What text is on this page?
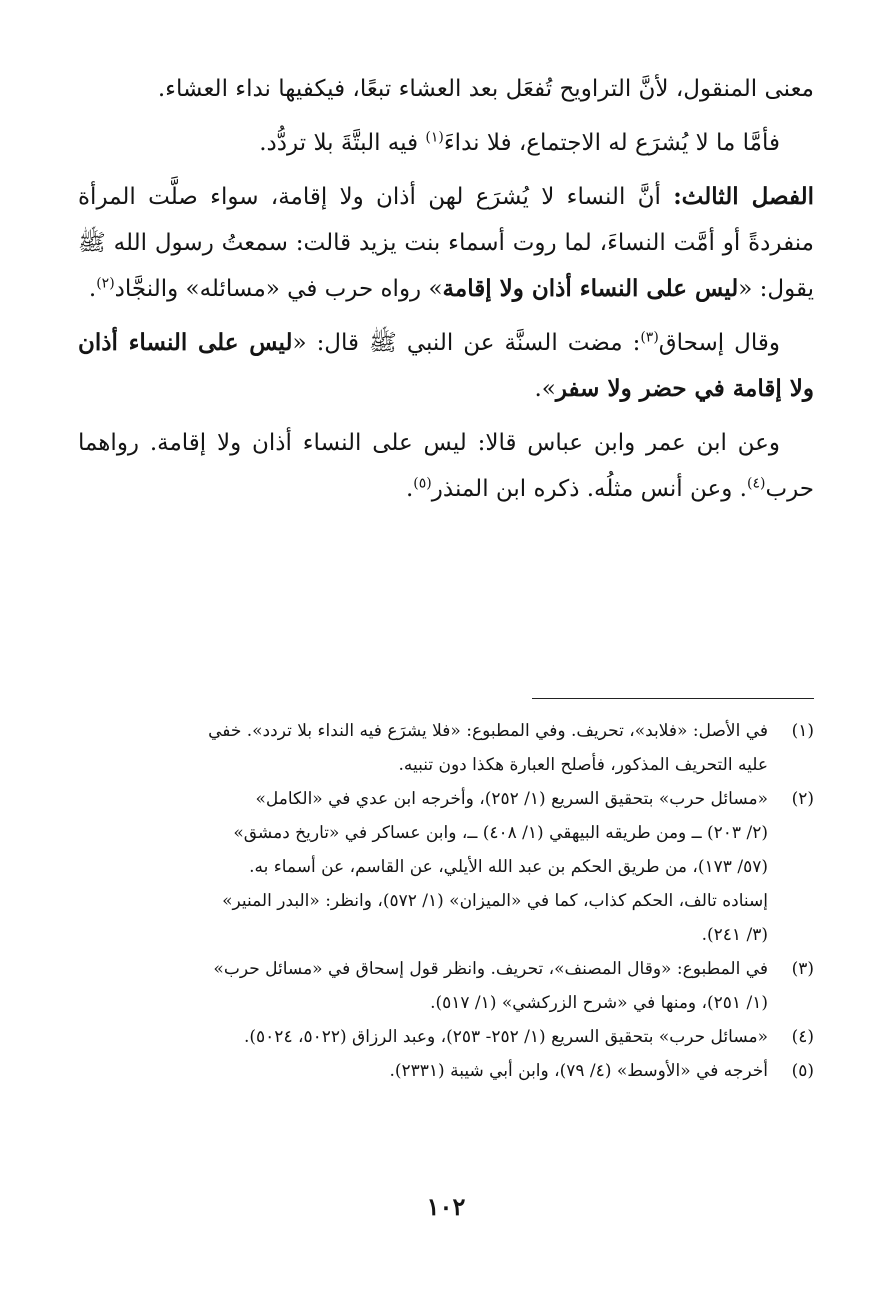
معنى المنقول، لأنَّ التراويح تُفعَل بعد العشاء تبعًا، فيكفيها نداء العشاء.

فأمَّا ما لا يُشرَع له الاجتماع، فلا نداءَ$^{(١)}$ فيه البتَّةَ بلا تردُّد.

الفصل الثالث: أنَّ النساء لا يُشرَع لهن أذان ولا إقامة، سواء صلَّت المرأة منفردةً أو أمَّت النساءَ، لما روت أسماء بنت يزيد قالت: سمعتُ رسول الله ﷺ يقول: «ليس على النساء أذان ولا إقامة» رواه حرب في «مسائله» والنجَّاد$^{(٢)}$.

وقال إسحاق$^{(٣)}$: مضت السنَّة عن النبي ﷺ قال: «ليس على النساء أذان ولا إقامة في حضر ولا سفر».

وعن ابن عمر وابن عباس قالا: ليس على النساء أذان ولا إقامة. رواهما حرب$^{(٤)}$. وعن أنس مثلُه. ذكره ابن المنذر$^{(٥)}$.

(١)

في الأصل: «فلابد»، تحريف. وفي المطبوع: «فلا يشرَع فيه النداء بلا تردد». خفي
عليه التحريف المذكور، فأصلح العبارة هكذا دون تنبيه.

(٢)

«مسائل حرب» بتحقيق السريع (١/ ٢٥٢)، وأخرجه ابن عدي في «الكامل»
(٢/ ٢٠٣) ــ ومن طريقه البيهقي (١/ ٤٠٨) ــ، وابن عساكر في «تاريخ دمشق»
(٥٧/ ١٧٣)، من طريق الحكم بن عبد الله الأيلي، عن القاسم، عن أسماء به.
إسناده تالف، الحكم كذاب، كما في «الميزان» (١/ ٥٧٢)، وانظر: «البدر المنير»
(٣/ ٢٤١).

(٣)

في المطبوع: «وقال المصنف»، تحريف. وانظر قول إسحاق في «مسائل حرب»
(١/ ٢٥١)، ومنها في «شرح الزركشي» (١/ ٥١٧).

(٤)

«مسائل حرب» بتحقيق السريع (١/ ٢٥٢- ٢٥٣)، وعبد الرزاق (٥٠٢٢، ٥٠٢٤).

(٥)

أخرجه في «الأوسط» (٤/ ٧٩)، وابن أبي شيبة (٢٣٣١).

١٠٢
